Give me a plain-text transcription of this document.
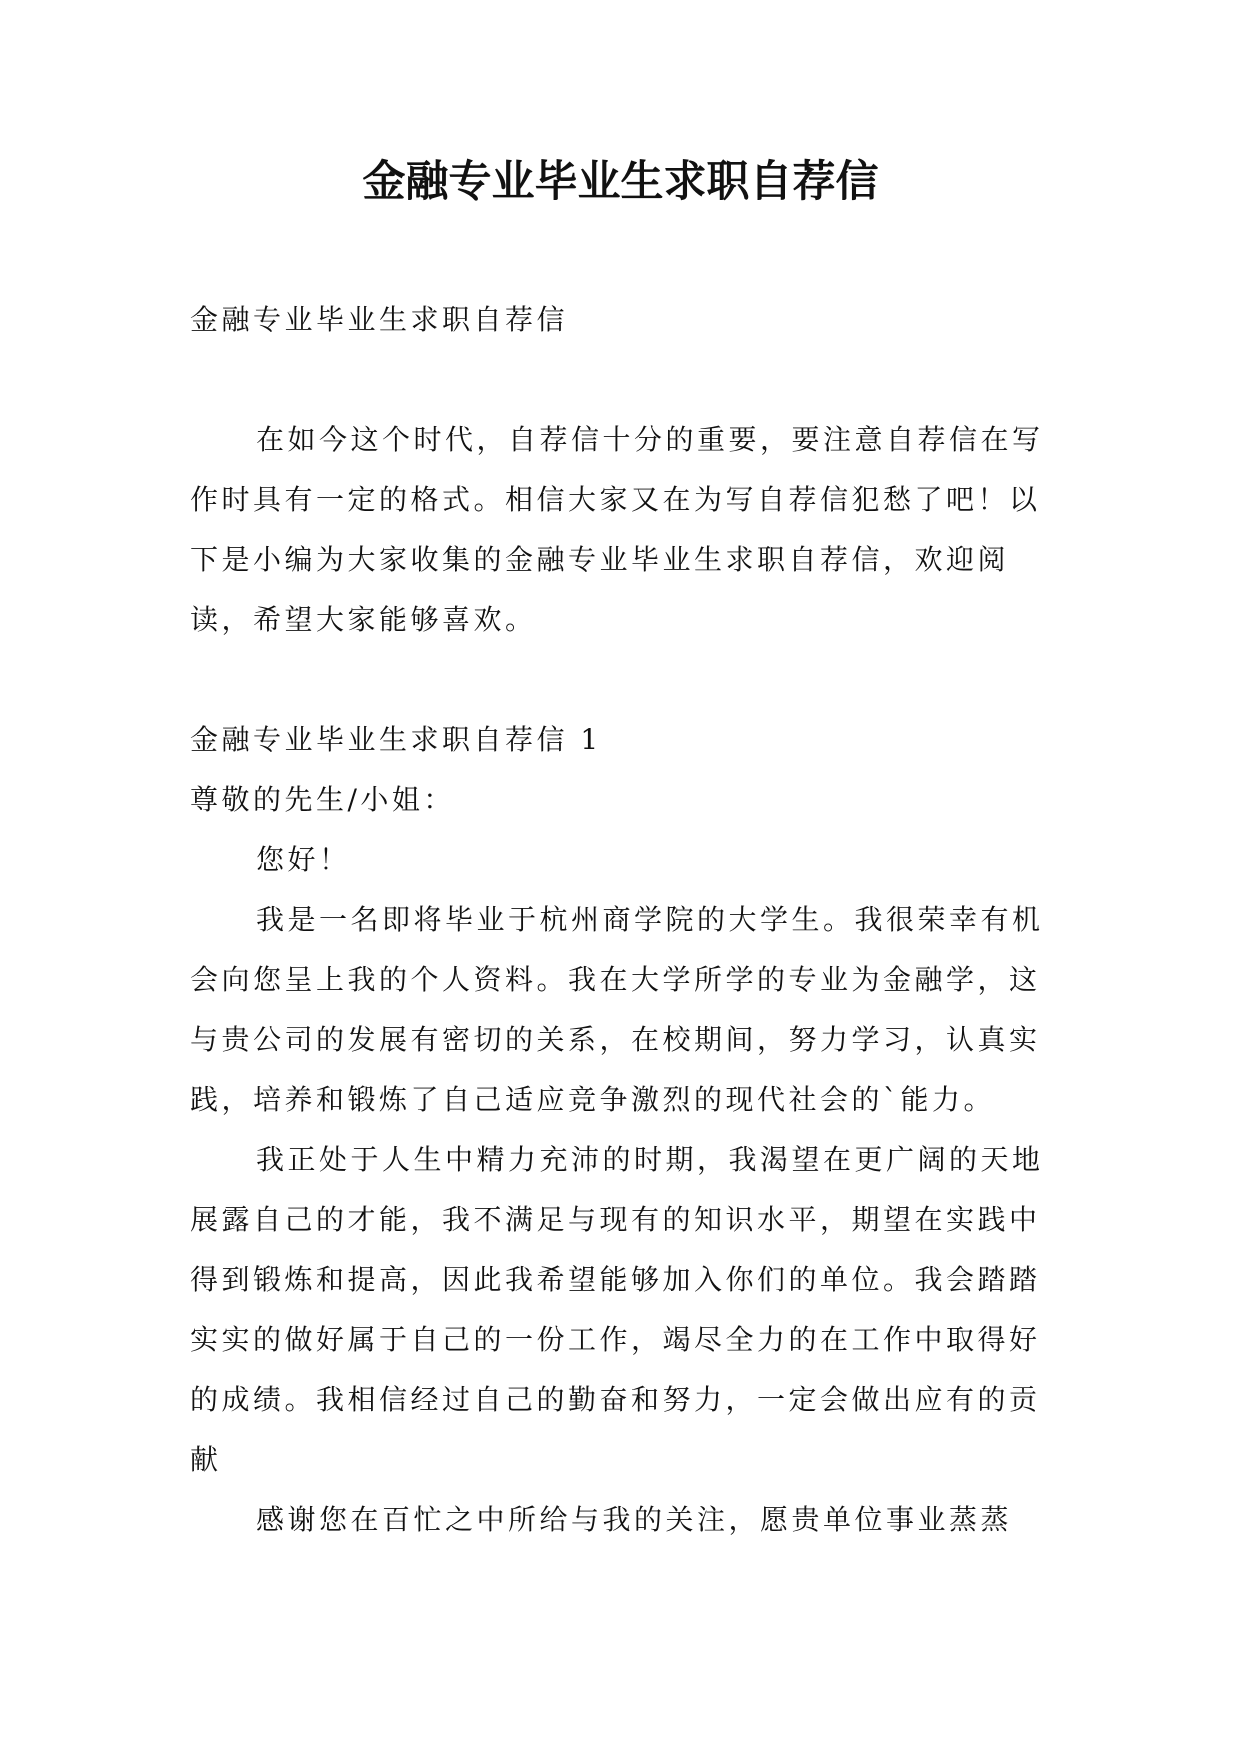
金融专业毕业生求职自荐信

金融专业毕业生求职自荐信

在如今这个时代，自荐信十分的重要，要注意自荐信在写作时具有一定的格式。相信大家又在为写自荐信犯愁了吧！以下是小编为大家收集的金融专业毕业生求职自荐信，欢迎阅读，希望大家能够喜欢。

金融专业毕业生求职自荐信 1

尊敬的先生/小姐：

您好！

我是一名即将毕业于杭州商学院的大学生。我很荣幸有机会向您呈上我的个人资料。我在大学所学的专业为金融学，这与贵公司的发展有密切的关系，在校期间，努力学习，认真实践，培养和锻炼了自己适应竞争激烈的现代社会的`能力。

我正处于人生中精力充沛的时期，我渴望在更广阔的天地展露自己的才能，我不满足与现有的知识水平，期望在实践中得到锻炼和提高，因此我希望能够加入你们的单位。我会踏踏实实的做好属于自己的一份工作，竭尽全力的在工作中取得好的成绩。我相信经过自己的勤奋和努力，一定会做出应有的贡献

感谢您在百忙之中所给与我的关注，愿贵单位事业蒸蒸
